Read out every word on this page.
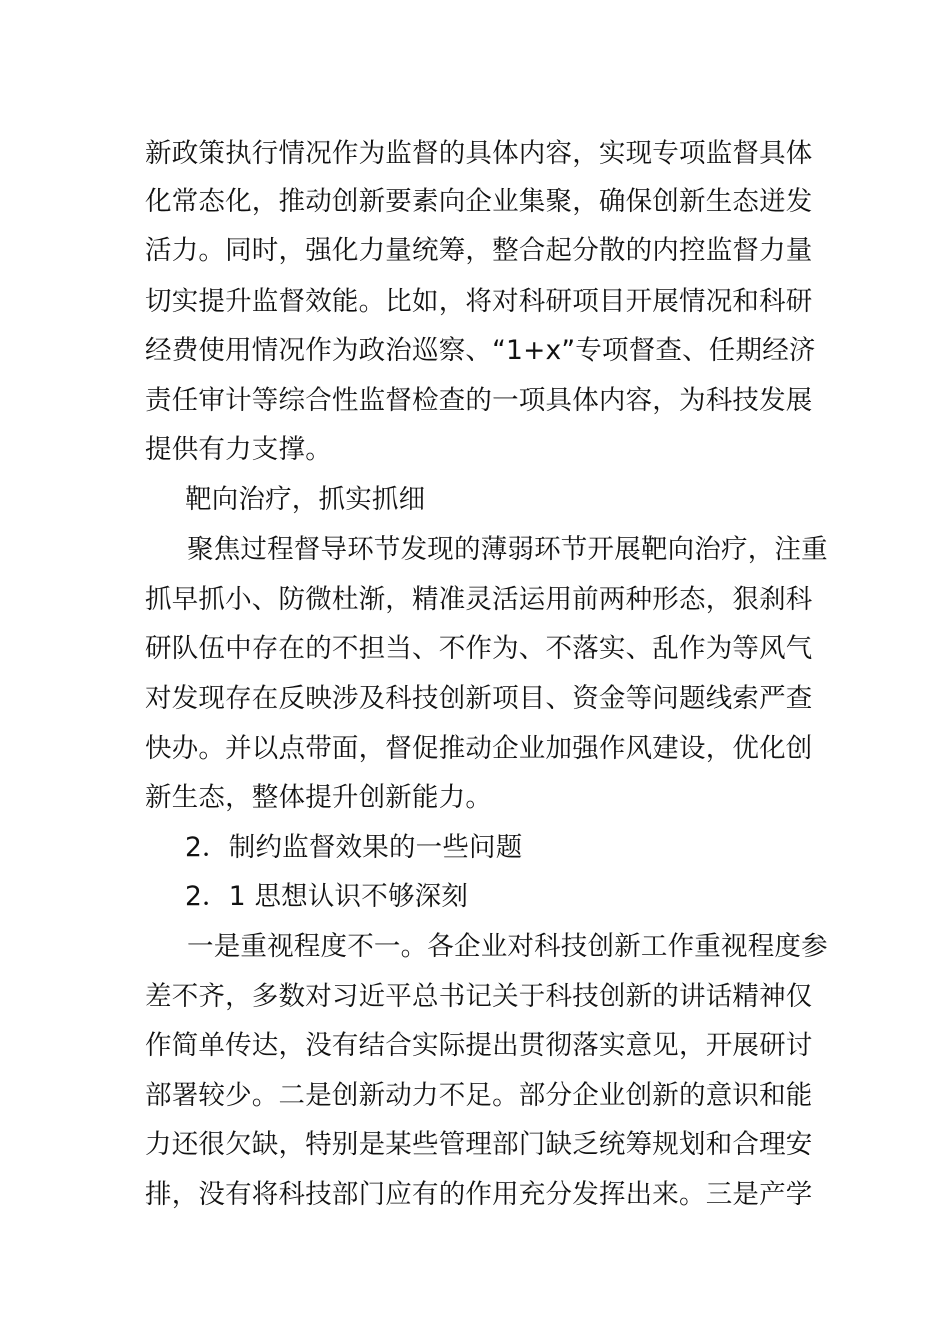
新政策执行情况作为监督的具体内容，实现专项监督具体
化常态化，推动创新要素向企业集聚，确保创新生态迸发
活力。同时，强化力量统筹，整合起分散的内控监督力量
切实提升监督效能。比如，将对科研项目开展情况和科研
经费使用情况作为政治巡察、“1+x”专项督查、任期经济
责任审计等综合性监督检查的一项具体内容，为科技发展
提供有力支撑。
靶向治疗，抓实抓细
聚焦过程督导环节发现的薄弱环节开展靶向治疗，注重
抓早抓小、防微杜渐，精准灵活运用前两种形态，狠刹科
研队伍中存在的不担当、不作为、不落实、乱作为等风气
对发现存在反映涉及科技创新项目、资金等问题线索严查
快办。并以点带面，督促推动企业加强作风建设，优化创
新生态，整体提升创新能力。
2．制约监督效果的一些问题
2．1 思想认识不够深刻
一是重视程度不一。各企业对科技创新工作重视程度参
差不齐，多数对习近平总书记关于科技创新的讲话精神仅
作简单传达，没有结合实际提出贯彻落实意见，开展研讨
部署较少。二是创新动力不足。部分企业创新的意识和能
力还很欠缺，特别是某些管理部门缺乏统筹规划和合理安
排，没有将科技部门应有的作用充分发挥出来。三是产学
